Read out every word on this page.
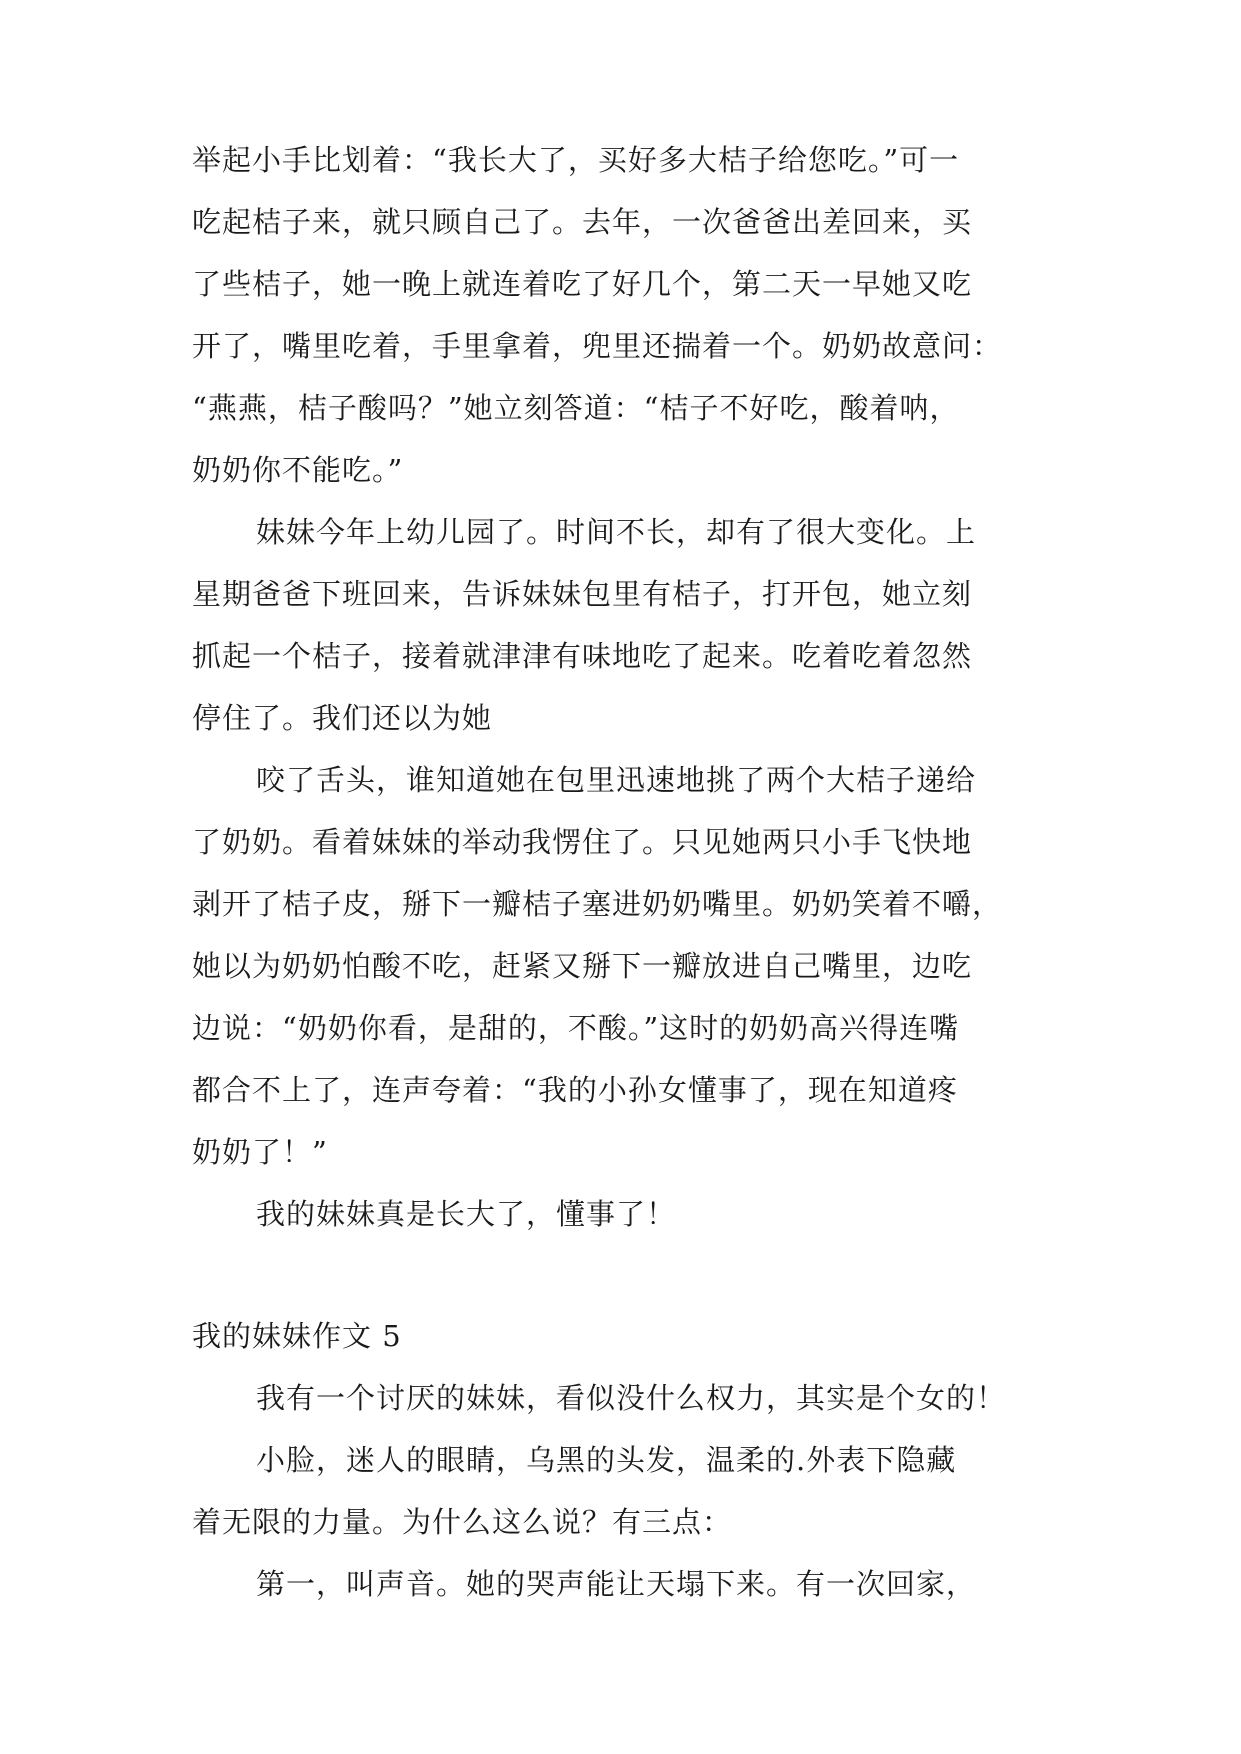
举起小手比划着：“我长大了，买好多大桔子给您吃。”可一
吃起桔子来，就只顾自己了。去年，一次爸爸出差回来，买
了些桔子，她一晚上就连着吃了好几个，第二天一早她又吃
开了，嘴里吃着，手里拿着，兜里还揣着一个。奶奶故意问：
“燕燕，桔子酸吗？”她立刻答道：“桔子不好吃，酸着呐，
奶奶你不能吃。”
妹妹今年上幼儿园了。时间不长，却有了很大变化。上
星期爸爸下班回来，告诉妹妹包里有桔子，打开包，她立刻
抓起一个桔子，接着就津津有味地吃了起来。吃着吃着忽然
停住了。我们还以为她
咬了舌头，谁知道她在包里迅速地挑了两个大桔子递给
了奶奶。看着妹妹的举动我愣住了。只见她两只小手飞快地
剥开了桔子皮，掰下一瓣桔子塞进奶奶嘴里。奶奶笑着不嚼，
她以为奶奶怕酸不吃，赶紧又掰下一瓣放进自己嘴里，边吃
边说：“奶奶你看，是甜的，不酸。”这时的奶奶高兴得连嘴
都合不上了，连声夸着：“我的小孙女懂事了，现在知道疼
奶奶了！”
我的妹妹真是长大了，懂事了！
我的妹妹作文 5
我有一个讨厌的妹妹，看似没什么权力，其实是个女的！
小脸，迷人的眼睛，乌黑的头发，温柔的.外表下隐藏
着无限的力量。为什么这么说？有三点：
第一，叫声音。她的哭声能让天塌下来。有一次回家，
